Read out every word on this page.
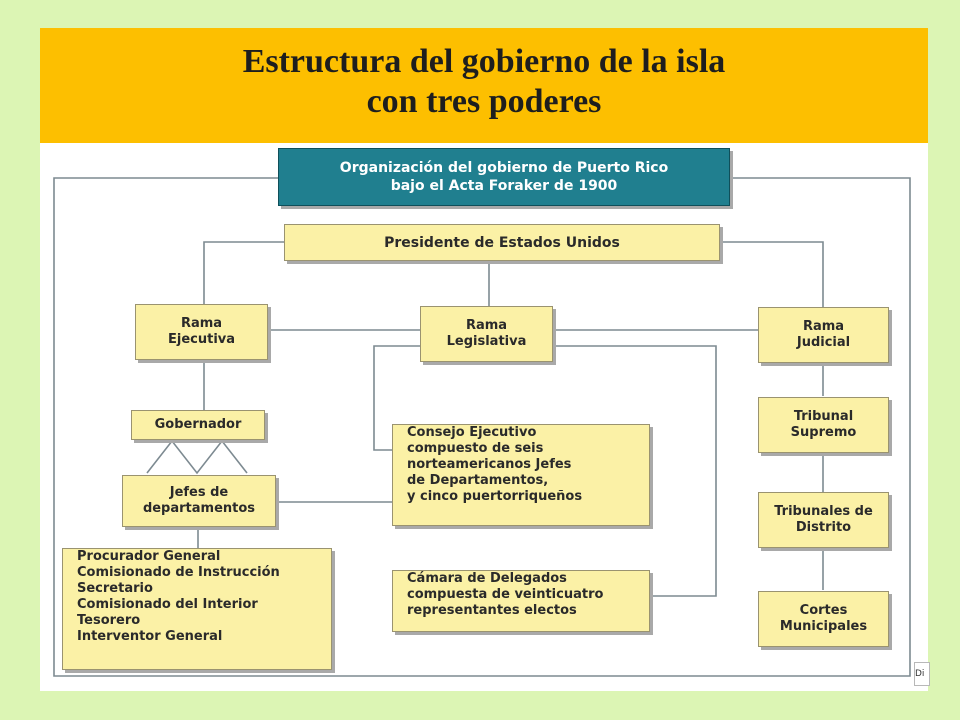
Estructura del gobierno de la isla
con tres poderes
Organización del gobierno de Puerto Rico
bajo el Acta Foraker de 1900
Presidente de Estados Unidos
Rama
Ejecutiva
Rama
Legislativa
Rama
Judicial
Gobernador
Jefes de
departamentos
Procurador General
Comisionado de Instrucción
Secretario
Comisionado del Interior
Tesorero
Interventor General
Consejo Ejecutivo
compuesto de seis
norteamericanos Jefes
de Departamentos,
y cinco puertorriqueños
Cámara de Delegados
compuesta de veinticuatro
representantes electos
Tribunal
Supremo
Tribunales de
Distrito
Cortes
Municipales
Di
